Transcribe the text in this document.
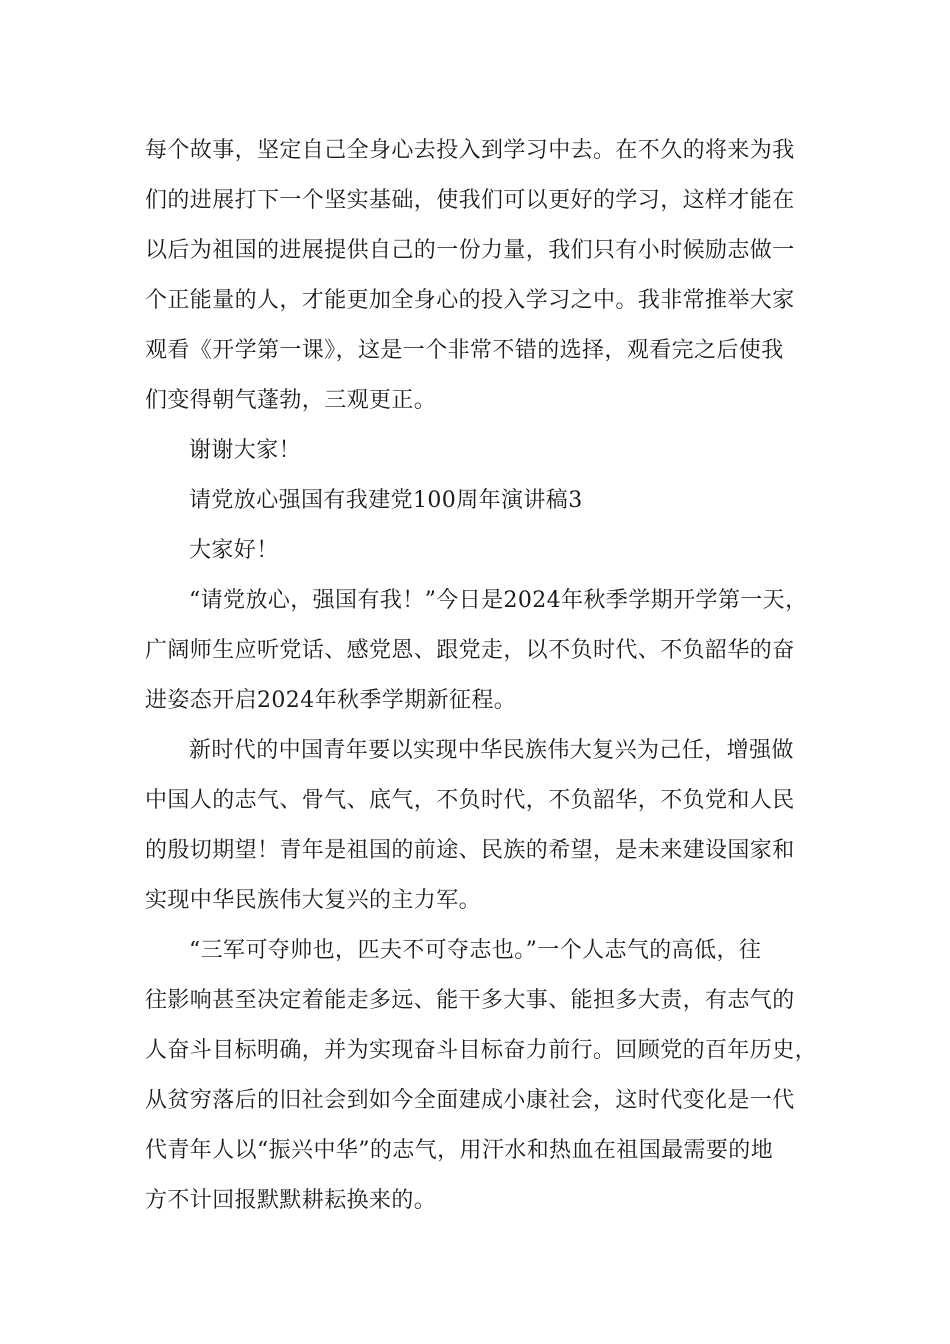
每个故事，坚定自己全身心去投入到学习中去。在不久的将来为我
们的进展打下一个坚实基础，使我们可以更好的学习，这样才能在
以后为祖国的进展提供自己的一份力量，我们只有小时候励志做一
个正能量的人，才能更加全身心的投入学习之中。我非常推举大家
观看《开学第一课》，这是一个非常不错的选择，观看完之后使我
们变得朝气蓬勃，三观更正。
谢谢大家！
请党放心强国有我建党100周年演讲稿3
大家好！
“请党放心，强国有我！”今日是2024年秋季学期开学第一天，
广阔师生应听党话、感党恩、跟党走，以不负时代、不负韶华的奋
进姿态开启2024年秋季学期新征程。
新时代的中国青年要以实现中华民族伟大复兴为己任，增强做
中国人的志气、骨气、底气，不负时代，不负韶华，不负党和人民
的殷切期望！青年是祖国的前途、民族的希望，是未来建设国家和
实现中华民族伟大复兴的主力军。
“三军可夺帅也，匹夫不可夺志也。”一个人志气的高低，往
往影响甚至决定着能走多远、能干多大事、能担多大责，有志气的
人奋斗目标明确，并为实现奋斗目标奋力前行。回顾党的百年历史，
从贫穷落后的旧社会到如今全面建成小康社会，这时代变化是一代
代青年人以“振兴中华”的志气，用汗水和热血在祖国最需要的地
方不计回报默默耕耘换来的。
